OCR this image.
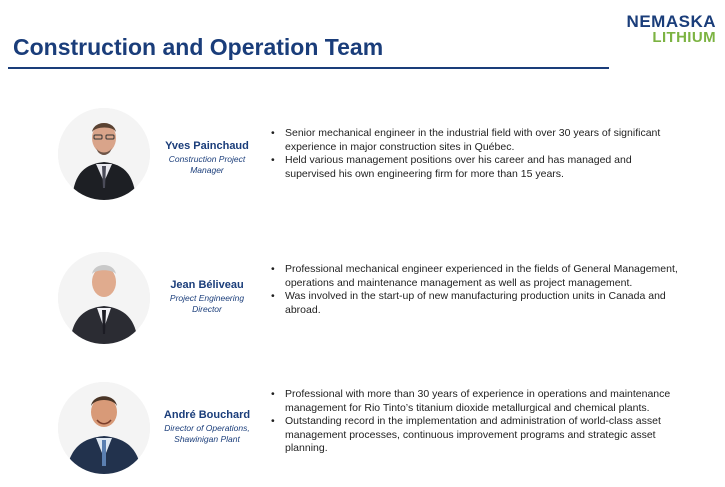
Construction and Operation Team
NEMASKA
LITHIUM
Yves Painchaud
Construction Project Manager
• Senior mechanical engineer in the industrial field with over 30 years of significant experience in major construction sites in Québec.
• Held various management positions over his career and has managed and supervised his own engineering firm for more than 15 years.
Jean Béliveau
Project Engineering Director
• Professional mechanical engineer experienced in the fields of General Management, operations and maintenance management as well as project management.
• Was involved in the start-up of new manufacturing production units in Canada and abroad.
André Bouchard
Director of Operations, Shawinigan Plant
• Professional with more than 30 years of experience in operations and maintenance management for Rio Tinto’s titanium dioxide metallurgical and chemical plants.
• Outstanding record in the implementation and administration of world-class asset management processes, continuous improvement programs and strategic asset planning.
